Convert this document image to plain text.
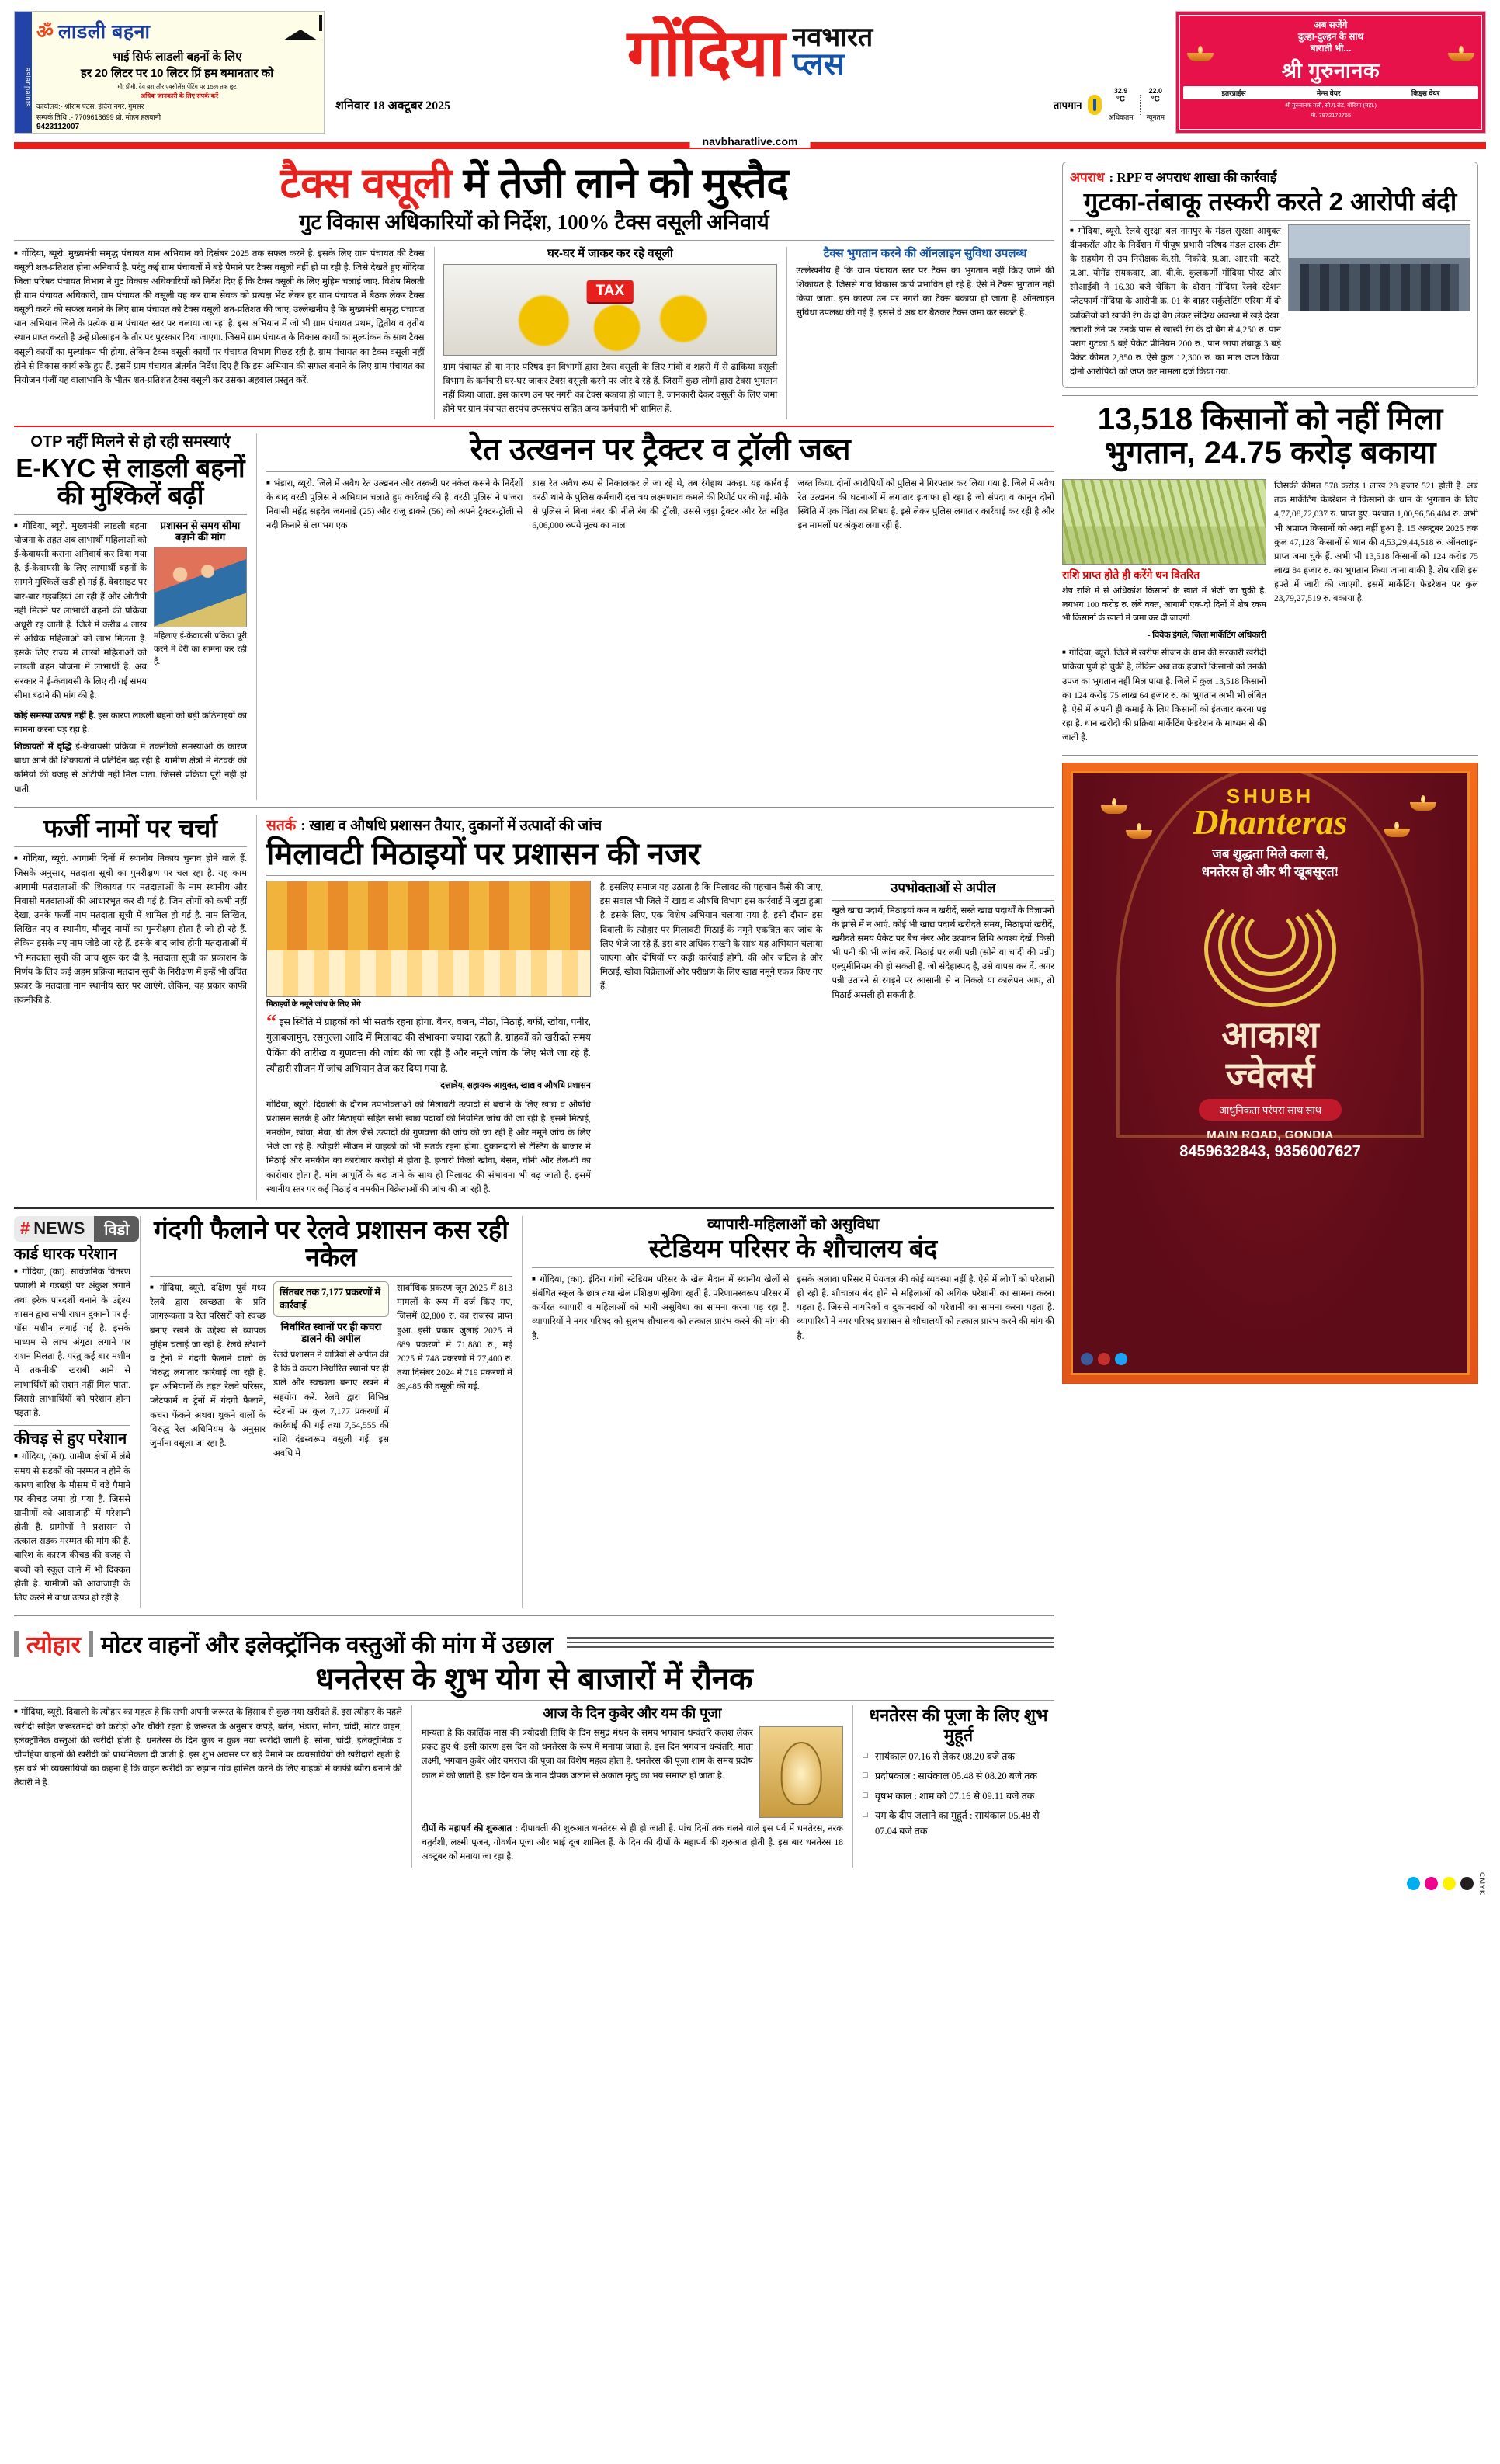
asianpaints
ॐ लाडली बहना
भाई सिर्फ लाडली बहनों के लिए
हर 20 लिटर पर 10 लिटर प्रिं हम बमानतार को
मौ: प्रीमी, देव ब्रश और एक्सीलेंस पेंटिंग पर 15% तक छूट
अधिक जानकारी के लिए संपर्क करें
कार्यालय:- श्रीराम पेंटस, इंदिरा नगर, गुमसर
सम्पर्क तिथि :- 7709618699 प्रो. मोहन हलवानी
9423112007
गोंदिया नवभारत
प्लस
शनिवार 18 अक्टूबर 2025	तापमान
32.9
$^{^\circ C}$
अधिकतम
22.0
$^{^\circ C}$
न्यूनतम
अब सजेंगे
दुल्हा-दुल्हन के साथ
बाराती भी...
श्री गुरुनानक
इतरप्राईस	मेन्स वेयर	किड्स वेयर
श्री गुरुनानक गली, सी.ए.रोड, गोंदिया (महा.)
मो. 7972172765
navbharatlive.com
टैक्स वसूली में तेजी लाने को मुस्तैद
गुट विकास अधिकारियों को निर्देश, 100% टैक्स वसूली अनिवार्य

■ गोंदिया, ब्यूरो. मुख्यमंत्री समृद्ध पंचायत यान अभियान को दिसंबर 2025 तक सफल करने है. इसके लिए ग्राम पंचायत की टैक्स वसूली शत-प्रतिशत होना अनिवार्य है. परंतु कई ग्राम पंचायतों में बड़े पैमाने पर टैक्स वसूली नहीं हो पा रही है. जिसे देखते हुए गोंदिया जिला परिषद पंचायत विभाग ने गुट विकास अधिकारियों को निर्देश दिए हैं कि टैक्स वसूली के लिए मुहिम चलाई जाए. विशेष मिलती ही ग्राम पंचायत अधिकारी, ग्राम पंचायत की वसूली यह कर ग्राम सेवक को प्रत्यक्ष भेंट लेकर हर ग्राम पंचायत में बैठक लेकर टैक्स वसूली करने की सफल बनाने के लिए ग्राम पंचायत को टैक्स वसूली शत-प्रतिशत की जाए, उल्लेखनीय है कि मुख्यमंत्री समृद्ध पंचायत यान अभियान जिले के प्रत्येक ग्राम पंचायत स्तर पर चलाया जा रहा है. इस अभियान में जो भी ग्राम पंचायत प्रथम, द्वितीय व तृतीय स्थान प्राप्त करती है उन्हें प्रोत्साहन के तौर पर पुरस्कार दिया जाएगा. जिसमें ग्राम पंचायत के विकास कार्यों का मुल्यांकन के साथ टैक्स वसूली कार्यों का मुल्यांकन भी होगा. लेकिन टैक्स वसूली कार्यों पर पंचायत विभाग पिछड़ रही है. ग्राम पंचायत का टैक्स वसूली नहीं होने से विकास कार्य रुके हुए हैं. इसमें ग्राम पंचायत अंतर्गत निर्देश दिए हैं कि इस अभियान की सफल बनाने के लिए ग्राम पंचायत का नियोजन पंजीं यह वालाभानि के भीतर शत-प्रतिशत टैक्स वसूली कर उसका अहवाल प्रस्तुत करें.

घर-घर में जाकर कर रहे वसूली
TAX

ग्राम पंचायत हो या नगर परिषद इन विभागों द्वारा टैक्स वसूली के लिए गांवों व शहरों में से ढाकिया वसूली विभाग के कर्मचारी घर-घर जाकर टैक्स वसूली करने पर जोर दे रहे हैं. जिसमें कुछ लोगों द्वारा टैक्स भुगतान नहीं किया जाता. इस कारण उन पर नगरी का टैक्स बकाया हो जाता है. जानकारी देकर वसूली के लिए जमा होने पर ग्राम पंचायत सरपंच उपसरपंच सहित अन्य कर्मचारी भी शामिल हैं.

टैक्स भुगतान करने की ऑनलाइन सुविधा उपलब्ध

उल्लेखनीय है कि ग्राम पंचायत स्तर पर टैक्स का भुगतान नहीं किए जाने की शिकायत है. जिससे गांव विकास कार्य प्रभावित हो रहे हैं. ऐसे में टैक्स भुगतान नहीं किया जाता. इस कारण उन पर नगरी का टैक्स बकाया हो जाता है. ऑनलाइन सुविधा उपलब्ध की गई है. इससे वे अब घर बैठकर टैक्स जमा कर सकते हैं.

OTP नहीं मिलने से हो रही समस्याएं
E-KYC से लाडली बहनों की मुश्किलें बढ़ीं

■ गोंदिया, ब्यूरो. मुख्यमंत्री लाडली बहना योजना के तहत अब लाभार्थी महिलाओं को ई-केवायसी कराना अनिवार्य कर दिया गया है. ई-केवायसी के लिए लाभार्थी बहनों के सामने मुश्किलें खड़ी हो गई हैं. वेबसाइट पर बार-बार गड़बड़ियां आ रही हैं और ओटीपी नहीं मिलने पर लाभार्थी बहनों की प्रक्रिया अधूरी रह जाती है. जिले में करीब 4 लाख से अधिक महिलाओं को लाभ मिलता है. इसके लिए राज्य में लाखों महिलाओं को लाडली बहन योजना में लाभार्थी हैं. अब सरकार ने ई-केवायसी के लिए दी गई समय सीमा बढ़ाने की मांग की है.

प्रशासन से समय सीमा बढ़ाने की मांग

महिलाएं ई-केवायसी प्रक्रिया पूरी करने में देरी का सामना कर रही हैं.

कोई समस्या उत्पन्न नहीं है. इस कारण लाडली बहनों को बड़ी कठिनाइयों का सामना करना पड़ रहा है.

शिकायतों में वृद्धि ई-केवायसी प्रक्रिया में तकनीकी समस्याओं के कारण बाधा आने की शिकायतों में प्रतिदिन बढ़ रही है. ग्रामीण क्षेत्रों में नेटवर्क की कमियों की वजह से ओटीपी नहीं मिल पाता. जिससे प्रक्रिया पूरी नहीं हो पाती.

रेत उत्खनन पर ट्रैक्टर व ट्रॉली जब्त

■ भंडारा, ब्यूरो. जिले में अवैध रेत उत्खनन और तस्करी पर नकेल कसने के निर्देशों के बाद वरठी पुलिस ने अभियान चलाते हुए कार्रवाई की है. वरठी पुलिस ने पांजरा निवासी महेंद्र सहदेव जगनाडे (25) और राजू डाकरे (56) को अपने ट्रैक्टर-ट्रॉली से नदी किनारे से लगभग एक

ब्रास रेत अवैध रूप से निकालकर ले जा रहे थे, तब रंगेहाथ पकड़ा. यह कार्रवाई वरठी थाने के पुलिस कर्मचारी दत्तात्रय लक्ष्मणराव कमले की रिपोर्ट पर की गई. मौके से पुलिस ने बिना नंबर की नीले रंग की ट्रॉली, उससे जुड़ा ट्रैक्टर और रेत सहित 6,06,000 रुपये मूल्य का माल

जब्त किया. दोनों आरोपियों को पुलिस ने गिरफ्तार कर लिया गया है. जिले में अवैध रेत उत्खनन की घटनाओं में लगातार इजाफा हो रहा है जो संपदा व कानून दोनों स्थिति में एक चिंता का विषय है. इसे लेकर पुलिस लगातार कार्रवाई कर रही है और इन मामलों पर अंकुश लगा रही है.

फर्जी नामों पर चर्चा

■ गोंदिया, ब्यूरो. आगामी दिनों में स्थानीय निकाय चुनाव होने वाले हैं. जिसके अनुसार, मतदाता सूची का पुनरीक्षण पर चल रहा है. यह काम आगामी मतदाताओं की शिकायत पर मतदाताओं के नाम स्थानीय और निवासी मतदाताओं की आधारभूत कर दी गई है. जिन लोगों को कभी नहीं देखा, उनके फर्जी नाम मतदाता सूची में शामिल हो गई है. नाम लिखित, लिखित नए व स्थानीय, मौजूद नामों का पुनरीक्षण होता है जो हो रहे हैं. लेकिन इसके नए नाम जोड़े जा रहे हैं. इसके बाद जांच होगी मतदाताओं में भी मतदाता सूची की जांच शुरू कर दी है. मतदाता सूची का प्रकाशन के निर्णय के लिए कई अहम प्रक्रिया मतदान सूची के निरीक्षण में इन्हें भी उचित प्रकार के मतदाता नाम स्थानीय स्तर पर आएंगे. लेकिन, यह प्रकार काफी तकनीकी है.

सतर्क : खाद्य व औषधि प्रशासन तैयार, दुकानों में उत्पादों की जांच
मिलावटी मिठाइयों पर प्रशासन की नजर
मिठाइयों के नमूने जांच के लिए भेंगे
“ इस स्थिति में ग्राहकों को भी सतर्क रहना होगा. बैनर, वजन, मीठा, मिठाई, बर्फी, खोवा, पनीर, गुलाबजामुन, रसगुल्ला आदि में मिलावट की संभावना ज्यादा रहती है. ग्राहकों को खरीदते समय पैकिंग की तारीख व गुणवत्ता की जांच की जा रही है और नमूने जांच के लिए भेजे जा रहे हैं. त्यौहारी सीजन में जांच अभियान तेज कर दिया गया है.
- दत्तात्रेय, सहायक आयुक्त, खाद्य व औषधि प्रशासन

गोंदिया, ब्यूरो. दिवाली के दौरान उपभोक्ताओं को मिलावटी उत्पादों से बचाने के लिए खाद्य व औषधि प्रशासन सतर्क है और मिठाइयों सहित सभी खाद्य पदार्थों की नियमित जांच की जा रही है. इसमें मिठाई, नमकीन, खोवा, मेवा, घी तेल जैसे उत्पादों की गुणवत्ता की जांच की जा रही है और नमूने जांच के लिए भेजे जा रहे हैं. त्यौहारी सीजन में ग्राहकों को भी सतर्क रहना होगा. दुकानदारों से टेस्टिंग के बाजार में मिठाई और नमकीन का कारोबार करोड़ों में होता है. हजारों किलो खोवा, बेसन, चीनी और तेल-घी का कारोबार होता है. मांग आपूर्ति के बढ़ जाने के साथ ही मिलावट की संभावना भी बढ़ जाती है. इसमें स्थानीय स्तर पर कई मिठाई व नमकीन विक्रेताओं की जांच की जा रही है.

है. इसलिए समाज यह उठाता है कि मिलावट की पहचान कैसे की जाए, इस सवाल भी जिले में खाद्य व औषधि विभाग इस कार्रवाई में जुटा हुआ है. इसके लिए, एक विशेष अभियान चलाया गया है. इसी दौरान इस दिवाली के त्यौहार पर मिलावटी मिठाई के नमूने एकत्रित कर जांच के लिए भेजे जा रहे हैं. इस बार अधिक सख्ती के साथ यह अभियान चलाया जाएगा और दोषियों पर कड़ी कार्रवाई होगी. की और जटिल है और मिठाई, खोवा विक्रेताओं और परीक्षण के लिए खाद्य नमूने एकत्र किए गए हैं.

उपभोक्ताओं से अपील

खुले खाद्य पदार्थ, मिठाइयां कम न खरीदें, सस्ते खाद्य पदार्थों के विज्ञापनों के झांसे में न आएं. कोई भी खाद्य पदार्थ खरीदते समय, मिठाइयां खरीदें, खरीदते समय पैकेट पर बैच नंबर और उत्पादन तिथि अवश्य देखें. किसी भी पनी की भी जांच करें. मिठाई पर लगी पन्नी (सोने या चांदी की पन्नी) एल्युमीनियम की हो सकती है. जो संदेहास्पद है, उसे वापस कर दें. अगर पन्नी उतारने से रगड़ने पर आसानी से न निकले या कालेपन आए, तो मिठाई असली हो सकती है.

# NEWS	विडो
कार्ड धारक परेशान

■ गोंदिया, (का). सार्वजनिक वितरण प्रणाली में गड़बड़ी पर अंकुश लगाने तथा हरेक पारदर्शी बनाने के उद्देश्य शासन द्वारा सभी राशन दुकानों पर ई-पॉस मशीन लगाई गई है. इसके माध्यम से लाभ अंगूठा लगाने पर राशन मिलता है. परंतु कई बार मशीन में तकनीकी खराबी आने से लाभार्थियों को राशन नहीं मिल पाता. जिससे लाभार्थियों को परेशान होना पड़ता है.

कीचड़ से हुए परेशान

■ गोंदिया, (का). ग्रामीण क्षेत्रों में लंबे समय से सड़कों की मरम्मत न होने के कारण बारिश के मौसम में बड़े पैमाने पर कीचड़ जमा हो गया है. जिससे ग्रामीणों को आवाजाही में परेशानी होती है. ग्रामीणों ने प्रशासन से तत्काल सड़क मरम्मत की मांग की है. बारिश के कारण कीचड़ की वजह से बच्चों को स्कूल जाने में भी दिक्कत होती है. ग्रामीणों को आवाजाही के लिए करने में बाधा उत्पन्न हो रही है.

गंदगी फैलाने पर रेलवे प्रशासन कस रही नकेल

■ गोंदिया, ब्यूरो. दक्षिण पूर्व मध्य रेलवे द्वारा स्वच्छता के प्रति जागरूकता व रेल परिसरों को स्वच्छ बनाए रखने के उद्देश्य से व्यापक मुहिम चलाई जा रही है. रेलवे स्टेशनों व ट्रेनों में गंदगी फैलाने वालों के विरुद्ध लगातार कार्रवाई जा रही है. इन अभियानों के तहत रेलवे परिसर, प्लेटफार्म व ट्रेनों में गंदगी फैलाने, कचरा फेंकने अथवा थूकने वालों के विरुद्ध रेल अधिनियम के अनुसार जुर्माना वसूला जा रहा है.

सिंतबर तक 7,177 प्रकरणों में कार्रवाई
निर्धारित स्थानों पर ही कचरा डालने की अपील

रेलवे प्रशासन ने यात्रियों से अपील की है कि वे कचरा निर्धारित स्थानों पर ही डालें और स्वच्छता बनाए रखने में सहयोग करें. रेलवे द्वारा विभिन्न स्टेशनों पर कुल 7,177 प्रकरणों में कार्रवाई की गई तथा 7,54,555 की राशि दंडस्वरूप वसूली गई. इस अवधि में

सार्वाधिक प्रकरण जून 2025 में 813 मामलों के रूप में दर्ज किए गए, जिसमें 82,800 रु. का राजस्व प्राप्त हुआ. इसी प्रकार जुलाई 2025 में 689 प्रकरणों में 71,880 रु., मई 2025 में 748 प्रकरणों में 77,400 रु. तथा दिसंबर 2024 में 719 प्रकरणों में 89,485 की वसूली की गई.

व्यापारी-महिलाओं को असुविधा
स्टेडियम परिसर के शौचालय बंद

■ गोंदिया, (का). इंदिरा गांधी स्टेडियम परिसर के खेल मैदान में स्थानीय खेलों से संबंधित स्कूल के छात्र तथा खेल प्रशिक्षण सुविधा रहती है. परिणामस्वरूप परिसर में कार्यरत व्यापारी व महिलाओं को भारी असुविधा का सामना करना पड़ रहा है. व्यापारियों ने नगर परिषद को सुलभ शौचालय को तत्काल प्रारंभ करने की मांग की है.

इसके अलावा परिसर में पेयजल की कोई व्यवस्था नहीं है. ऐसे में लोगों को परेशानी हो रही है. शौचालय बंद होने से महिलाओं को अधिक परेशानी का सामना करना पड़ता है. जिससे नागरिकों व दुकानदारों को परेशानी का सामना करना पड़ता है. व्यापारियों ने नगर परिषद प्रशासन से शौचालयों को तत्काल प्रारंभ करने की मांग की है.

त्योहार मोटर वाहनों और इलेक्ट्रॉनिक वस्तुओं की मांग में उछाल
धनतेरस के शुभ योग से बाजारों में रौनक

■ गोंदिया, ब्यूरो. दिवाली के त्यौहार का महत्व है कि सभी अपनी जरूरत के हिसाब से कुछ नया खरीदते हैं. इस त्यौहार के पहले खरीदी सहित जरूरतमंदों को करोड़ों और चौंकी रहता है जरूरत के अनुसार कपड़े, बर्तन, भंडारा, सोना, चांदी, मोटर वाहन, इलेक्ट्रॉनिक वस्तुओं की खरीदी होती है. धनतेरस के दिन कुछ न कुछ नया खरीदी जाती है. सोना, चांदी, इलेक्ट्रॉनिक व चौपहिया वाहनों की खरीदी को प्राथमिकता दी जाती है. इस शुभ अवसर पर बड़े पैमाने पर व्यवसायियों की खरीदारी रहती है. इस वर्ष भी व्यवसायियों का कहना है कि वाहन खरीदी का रुझान गांव हासिल करने के लिए ग्राहकों में काफी ब्यौरा बनाने की तैयारी में हैं.

आज के दिन कुबेर और यम की पूजा

मान्यता है कि कार्तिक मास की त्रयोदशी तिथि के दिन समुद्र मंथन के समय भगवान धन्वंतरि कलश लेकर प्रकट हुए थे. इसी कारण इस दिन को धनतेरस के रूप में मनाया जाता है. इस दिन भगवान धन्वंतरि, माता लक्ष्मी, भगवान कुबेर और यमराज की पूजा का विशेष महत्व होता है. धनतेरस की पूजा शाम के समय प्रदोष काल में की जाती है. इस दिन यम के नाम दीपक जलाने से अकाल मृत्यु का भय समाप्त हो जाता है.

दीपों के महापर्व की शुरुआत : दीपावली की शुरुआत धनतेरस से ही हो जाती है. पांच दिनों तक चलने वाले इस पर्व में धनतेरस, नरक चतुर्दशी, लक्ष्मी पूजन, गोवर्धन पूजा और भाई दूज शामिल हैं. के दिन की दीपों के महापर्व की शुरुआत होती है. इस बार धनतेरस 18 अक्टूबर को मनाया जा रहा है.

धनतेरस की पूजा के लिए शुभ मुहूर्त
□ सायंकाल 07.16 से लेकर 08.20 बजे तक
□ प्रदोषकाल : सायंकाल 05.48 से 08.20 बजे तक
□ वृषभ काल : शाम को 07.16 से 09.11 बजे तक
□ यम के दीप जलाने का मुहूर्त : सायंकाल 05.48 से 07.04 बजे तक
अपराध : RPF व अपराध शाखा की कार्रवाई
गुटका-तंबाकू तस्करी करते 2 आरोपी बंदी

■ गोंदिया, ब्यूरो. रेलवे सुरक्षा बल नागपुर के मंडल सुरक्षा आयुक्त दीपकसेंत और के निर्देशन में पीयूष प्रभारी परिषद मंडल टास्क टीम के सहयोग से उप निरीक्षक के.सी. निकोदे, प्र.आ. आर.सी. कटरे, प्र.आ. योगेंद्र रायकवार, आ. वी.के. कुलकर्णी गोंदिया पोस्ट और सोआईबी ने 16.30 बजे चेकिंग के दौरान गोंदिया रेलवे स्टेशन प्लेटफार्म गोंदिया के आरोपी क्र. 01 के बाहर सर्कुलेटिंग एरिया में दो व्यक्तियों को खाकी रंग के दो बैग लेकर संदिग्ध अवस्था में खड़े देखा. तलाशी लेने पर उनके पास से खाखी रंग के दो बैग में 4,250 रु. पान पराग गुटका 5 बड़े पैकेट प्रीमियम 200 रु., पान छापा तंबाकू 3 बड़े पैकेट कीमत 2,850 रु. ऐसे कुल 12,300 रु. का माल जप्त किया. दोनों आरोपियों को जप्त कर मामला दर्ज किया गया.

13,518 किसानों को नहीं मिला भुगतान, 24.75 करोड़ बकाया
राशि प्राप्त होते ही करेंगे धन वितरित
शेष राशि में से अधिकांश किसानों के खाते में भेजी जा चुकी है. लगभग 100 करोड़ रु. लंबे वक्त, आगामी एक-दो दिनों में शेष रकम भी किसानों के खातों में जमा कर दी जाएगी.
- विवेक इंगले, जिला मार्केटिंग अधिकारी

■ गोंदिया, ब्यूरो. जिले में खरीफ सीजन के धान की सरकारी खरीदी प्रक्रिया पूर्ण हो चुकी है, लेकिन अब तक हजारों किसानों को उनकी उपज का भुगतान नहीं मिल पाया है. जिले में कुल 13,518 किसानों का 124 करोड़ 75 लाख 64 हजार रु. का भुगतान अभी भी लंबित है. ऐसे में अपनी ही कमाई के लिए किसानों को इंतजार करना पड़ रहा है. धान खरीदी की प्रक्रिया मार्केटिंग फेडरेशन के माध्यम से की जाती है.

जिसकी कीमत 578 करोड़ 1 लाख 28 हजार 521 होती है. अब तक मार्केटिंग फेडरेशन ने किसानों के धान के भुगतान के लिए 4,77,08,72,037 रु. प्राप्त हुए. पश्चात 1,00,96,56,484 रु. अभी भी अप्राप्त किसानों को अदा नहीं हुआ है. 15 अक्टूबर 2025 तक कुल 47,128 किसानों से धान की 4,53,29,44,518 रु. ऑनलाइन प्राप्त जमा चुके हैं. अभी भी 13,518 किसानों को 124 करोड़ 75 लाख 84 हजार रु. का भुगतान किया जाना बाकी है. शेष राशि इस हफ्ते में जारी की जाएगी. इसमें मार्केटिंग फेडरेशन पर कुल 23,79,27,519 रु. बकाया है.

SHUBH
Dhanteras
जब शुद्धता मिले कला से,
धनतेरस हो और भी खूबसूरत!
आकाश
ज्वेलर्स
आधुनिकता परंपरा साथ साथ
MAIN ROAD, GONDIA
8459632843, 9356007627
CMYK
